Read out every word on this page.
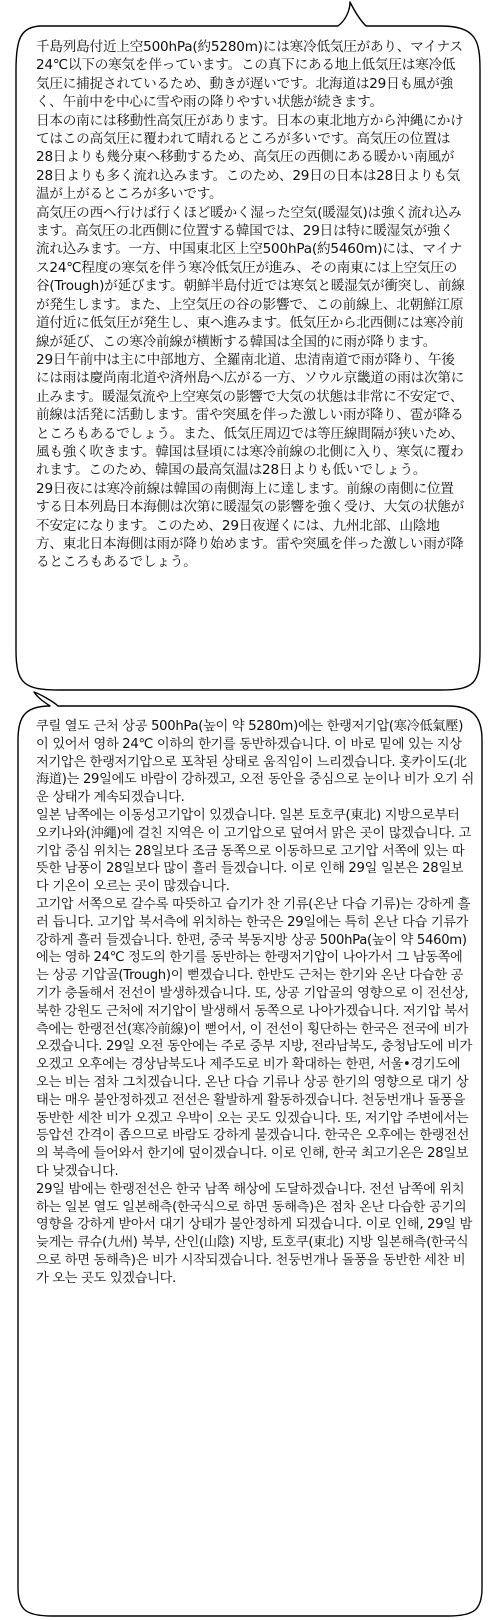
千島列島付近上空500hPa(約5280m)には寒冷低気圧があり、マイナス24℃以下の寒気を伴っています。この真下にある地上低気圧は寒冷低気圧に捕捉されているため、動きが遅いです。北海道は29日も風が強く、午前中を中心に雪や雨の降りやすい状態が続きます。

日本の南には移動性高気圧があります。日本の東北地方から沖縄にかけてはこの高気圧に覆われて晴れるところが多いです。高気圧の位置は28日よりも幾分東へ移動するため、高気圧の西側にある暖かい南風が28日よりも多く流れ込みます。このため、29日の日本は28日よりも気温が上がるところが多いです。

高気圧の西へ行けば行くほど暖かく湿った空気(暖湿気)は強く流れ込みます。高気圧の北西側に位置する韓国では、29日は特に暖湿気が強く流れ込みます。一方、中国東北区上空500hPa(約5460m)には、マイナス24℃程度の寒気を伴う寒冷低気圧が進み、その南東には上空気圧の谷(Trough)が延びます。朝鮮半島付近では寒気と暖湿気が衝突し、前線が発生します。また、上空気圧の谷の影響で、この前線上、北朝鮮江原道付近に低気圧が発生し、東へ進みます。低気圧から北西側には寒冷前線が延び、この寒冷前線が横断する韓国は全国的に雨が降ります。

29日午前中は主に中部地方、全羅南北道、忠清南道で雨が降り、午後には雨は慶尚南北道や済州島へ広がる一方、ソウル京畿道の雨は次第に止みます。暖湿気流や上空寒気の影響で大気の状態は非常に不安定で、前線は活発に活動します。雷や突風を伴った激しい雨が降り、雹が降るところもあるでしょう。また、低気圧周辺では等圧線間隔が狭いため、風も強く吹きます。韓国は昼頃には寒冷前線の北側に入り、寒気に覆われます。このため、韓国の最高気温は28日よりも低いでしょう。

29日夜には寒冷前線は韓国の南側海上に達します。前線の南側に位置する日本列島日本海側は次第に暖湿気の影響を強く受け、大気の状態が不安定になります。このため、29日夜遅くには、九州北部、山陰地方、東北日本海側は雨が降り始めます。雷や突風を伴った激しい雨が降るところもあるでしょう。

쿠릴 열도 근처 상공 500hPa(높이 약 5280m)에는 한랭저기압(寒冷低氣壓)이 있어서 영하 24℃ 이하의 한기를 동반하겠습니다. 이 바로 밑에 있는 지상 저기압은 한랭저기압으로 포착된 상태로 움직임이 느리겠습니다. 홋카이도(北海道)는 29일에도 바람이 강하겠고, 오전 동안을 중심으로 눈이나 비가 오기 쉬운 상태가 계속되겠습니다.

일본 남쪽에는 이동성고기압이 있겠습니다. 일본 토호쿠(東北) 지방으로부터 오키나와(沖繩)에 걸친 지역은 이 고기압으로 덮여서 맑은 곳이 많겠습니다. 고기압 중심 위치는 28일보다 조금 동쪽으로 이동하므로 고기압 서쪽에 있는 따뜻한 남풍이 28일보다 많이 흘러 들겠습니다. 이로 인해 29일 일본은 28일보다 기온이 오르는 곳이 많겠습니다.

고기압 서쪽으로 갈수록 따뜻하고 습기가 찬 기류(온난 다습 기류)는 강하게 흘러 듭니다. 고기압 북서측에 위치하는 한국은 29일에는 특히 온난 다습 기류가 강하게 흘러 들겠습니다. 한편, 중국 북동지방 상공 500hPa(높이 약 5460m)에는 영하 24℃ 정도의 한기를 동반하는 한랭저기압이 나아가서 그 남동쪽에는 상공 기압골(Trough)이 뻗겠습니다. 한반도 근처는 한기와 온난 다습한 공기가 충돌해서 전선이 발생하겠습니다. 또, 상공 기압골의 영향으로 이 전선상, 북한 강원도 근처에 저기압이 발생해서 동쪽으로 나아가겠습니다. 저기압 북서측에는 한랭전선(寒冷前線)이 뻗어서, 이 전선이 횡단하는 한국은 전국에 비가 오겠습니다. 29일 오전 동안에는 주로 중부 지방, 전라남북도, 충청남도에 비가 오겠고 오후에는 경상남북도나 제주도로 비가 확대하는 한편, 서울•경기도에 오는 비는 점차 그치겠습니다. 온난 다습 기류나 상공 한기의 영향으로 대기 상태는 매우 불안정하겠고 전선은 활발하게 활동하겠습니다. 천둥번개나 돌풍을 동반한 세찬 비가 오겠고 우박이 오는 곳도 있겠습니다. 또, 저기압 주변에서는 등압선 간격이 좁으므로 바람도 강하게 불겠습니다. 한국은 오후에는 한랭전선의 북측에 들어와서 한기에 덮이겠습니다. 이로 인해, 한국 최고기온은 28일보다 낮겠습니다.

29일 밤에는 한랭전선은 한국 남쪽 해상에 도달하겠습니다. 전선 남쪽에 위치하는 일본 열도 일본해측(한국식으로 하면 동해측)은 점차 온난 다습한 공기의 영향을 강하게 받아서 대기 상태가 불안정하게 되겠습니다. 이로 인해, 29일 밤 늦게는 큐슈(九州) 북부, 산인(山陰) 지방, 토호쿠(東北) 지방 일본해측(한국식으로 하면 동해측)은 비가 시작되겠습니다. 천둥번개나 돌풍을 동반한 세찬 비가 오는 곳도 있겠습니다.
